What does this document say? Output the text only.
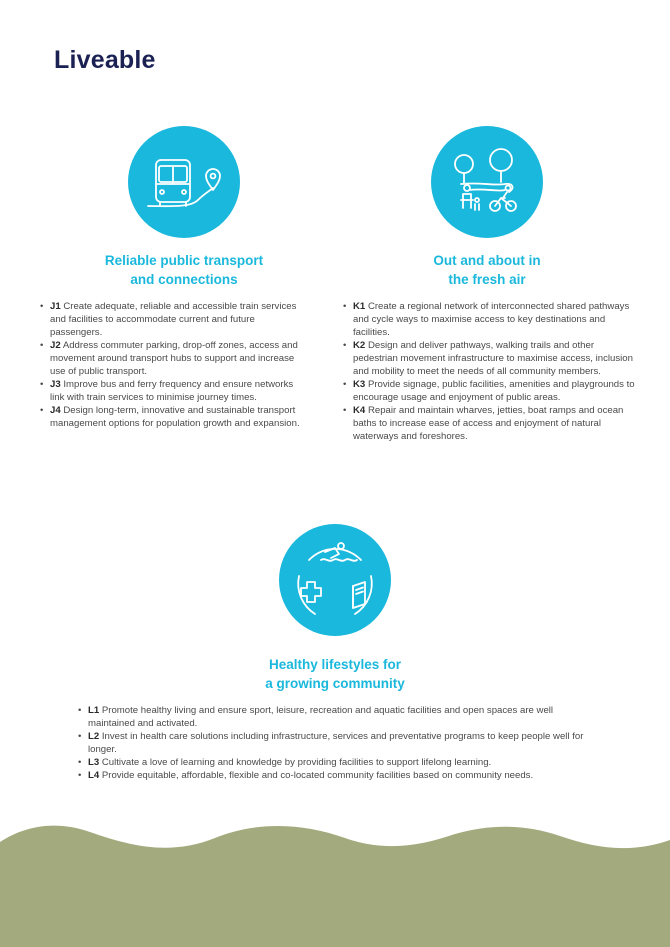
Liveable
Reliable public transport
and connections
• J1 Create adequate, reliable and accessible train services and facilities to accommodate current and future passengers.
• J2 Address commuter parking, drop-off zones, access and movement around transport hubs to support and increase use of public transport.
• J3 Improve bus and ferry frequency and ensure networks link with train services to minimise journey times.
• J4 Design long-term, innovative and sustainable transport management options for population growth and expansion.
Out and about in
the fresh air
• K1 Create a regional network of interconnected shared pathways and cycle ways to maximise access to key destinations and facilities.
• K2 Design and deliver pathways, walking trails and other pedestrian movement infrastructure to maximise access, inclusion and mobility to meet the needs of all community members.
• K3 Provide signage, public facilities, amenities and playgrounds to encourage usage and enjoyment of public areas.
• K4 Repair and maintain wharves, jetties, boat ramps and ocean baths to increase ease of access and enjoyment of natural waterways and foreshores.
Healthy lifestyles for
a growing community
• L1 Promote healthy living and ensure sport, leisure, recreation and aquatic facilities and open spaces are well maintained and activated.
• L2 Invest in health care solutions including infrastructure, services and preventative programs to keep people well for longer.
• L3 Cultivate a love of learning and knowledge by providing facilities to support lifelong learning.
• L4 Provide equitable, affordable, flexible and co-located community facilities based on community needs.
